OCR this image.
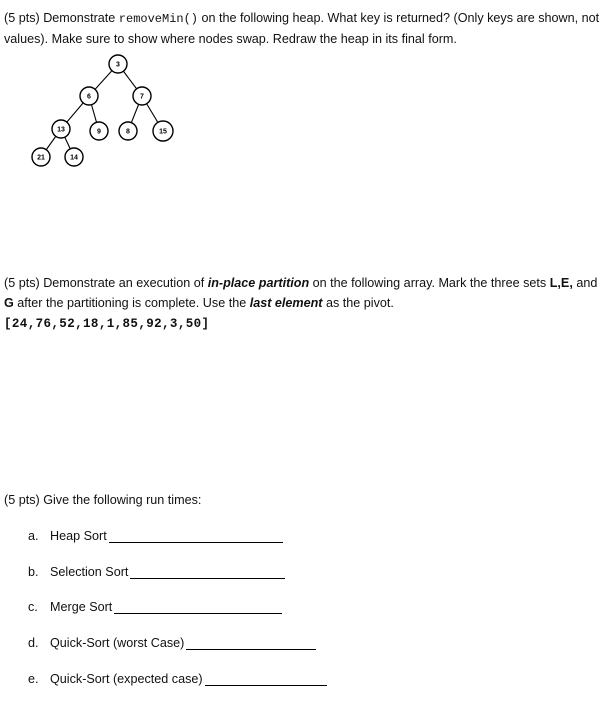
(5 pts) Demonstrate removeMin() on the following heap. What key is returned? (Only keys are shown, not values). Make sure to show where nodes swap. Redraw the heap in its final form.
3
6	7
13	9	8	15
21	14
(5 pts) Demonstrate an execution of in-place partition on the following array. Mark the three sets L,E, and G after the partitioning is complete. Use the last element as the pivot.
[24,76,52,18,1,85,92,3,50]
(5 pts) Give the following run times:
a. Heap Sort
b. Selection Sort
c. Merge Sort
d. Quick-Sort (worst Case)
e. Quick-Sort (expected case)
